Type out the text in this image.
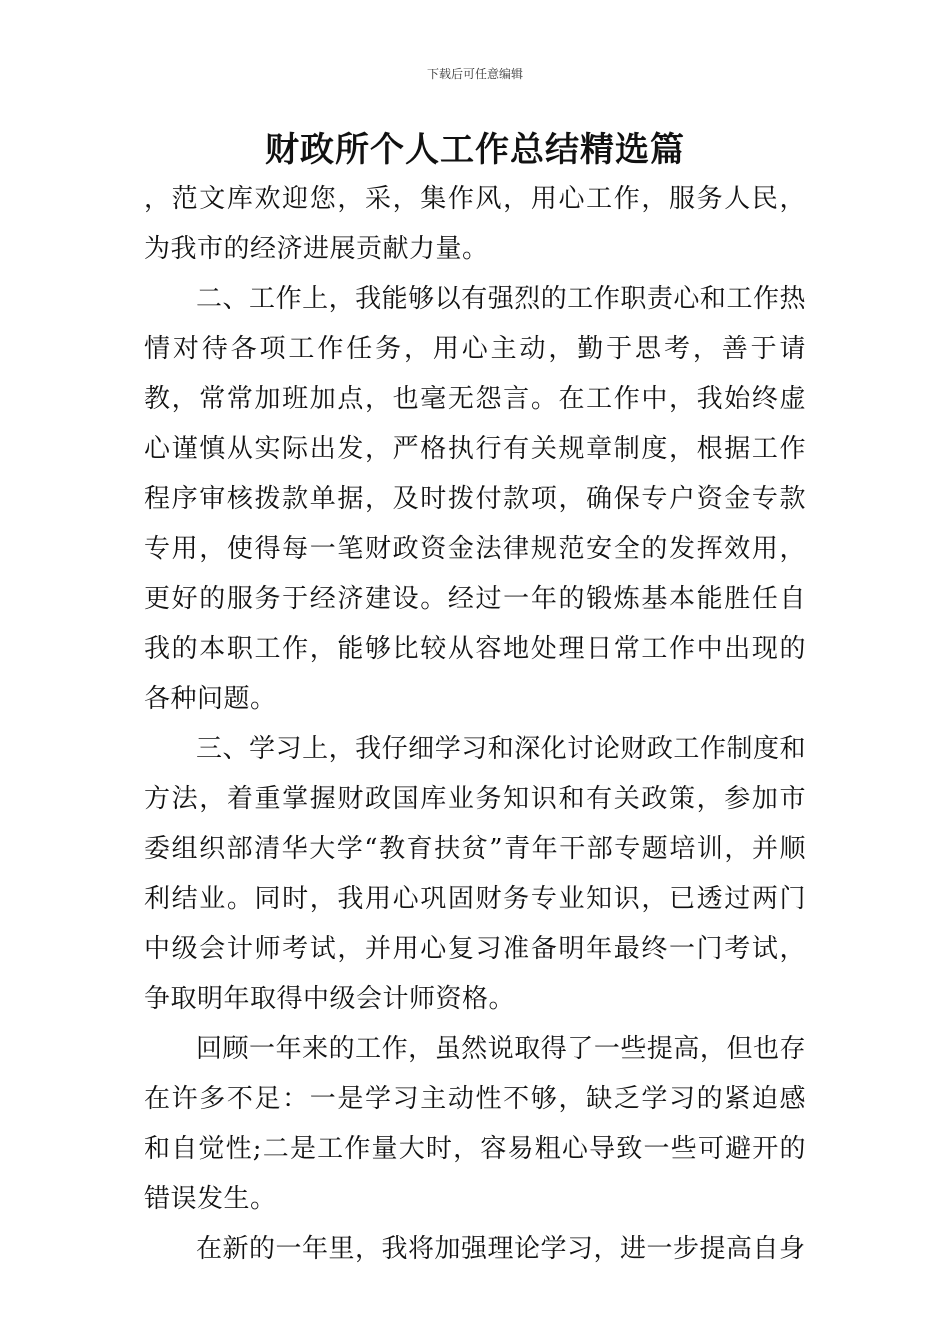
下载后可任意编辑
财政所个人工作总结精选篇

，范文库欢迎您，采，集作风，用心工作，服务人民，为我市的经济进展贡献力量。

二、工作上，我能够以有强烈的工作职责心和工作热情对待各项工作任务，用心主动，勤于思考，善于请教，常常加班加点，也毫无怨言。在工作中，我始终虚心谨慎从实际出发，严格执行有关规章制度，根据工作程序审核拨款单据，及时拨付款项，确保专户资金专款专用，使得每一笔财政资金法律规范安全的发挥效用，更好的服务于经济建设。经过一年的锻炼基本能胜任自我的本职工作，能够比较从容地处理日常工作中出现的各种问题。

三、学习上，我仔细学习和深化讨论财政工作制度和方法，着重掌握财政国库业务知识和有关政策，参加市委组织部清华大学“教育扶贫”青年干部专题培训，并顺利结业。同时，我用心巩固财务专业知识，已透过两门中级会计师考试，并用心复习准备明年最终一门考试，争取明年取得中级会计师资格。

回顾一年来的工作，虽然说取得了一些提高，但也存在许多不足：一是学习主动性不够，缺乏学习的紧迫感和自觉性;二是工作量大时，容易粗心导致一些可避开的错误发生。

在新的一年里，我将加强理论学习，进一步提高自身
